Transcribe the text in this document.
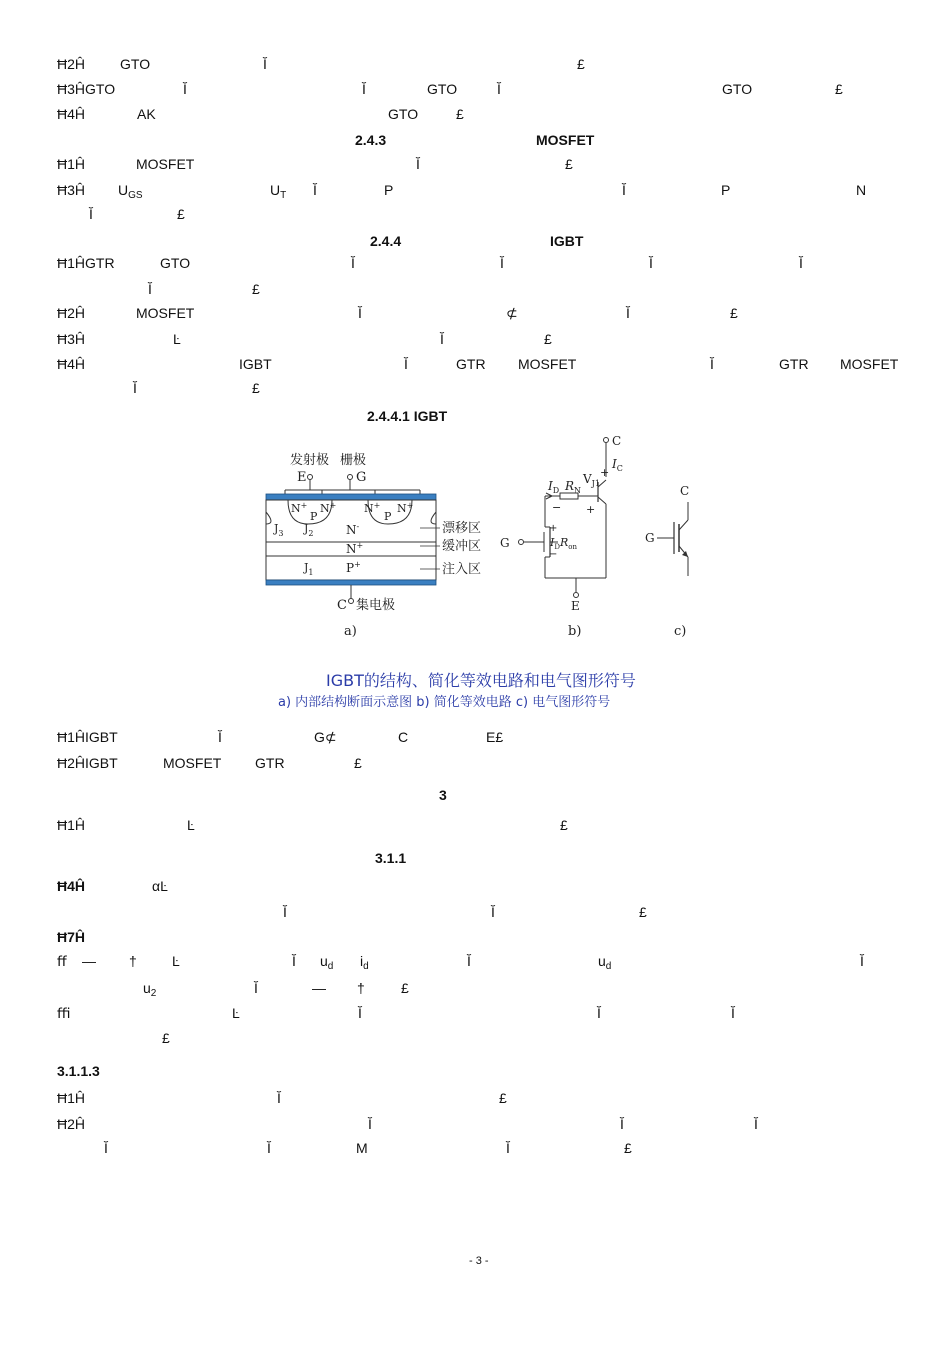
Ħ2Ĥ GTO	Ĭ	£
Ħ3ĤGTO	Ĭ	Ĭ	GTO	Ĭ	GTO	£
Ħ4Ĥ	AK	GTO	£
2.4.3	MOSFET
Ħ1Ĥ	MOSFET	Ĭ	£
Ħ3Ĥ $U_{GS}$	$U_T$ Ĭ	P	Ĭ	P	N
Ĭ	£
2.4.4	IGBT
Ħ1ĤGTR	GTO	Ĭ	Ĭ	Ĭ	Ĭ
Ĭ	£
Ħ2Ĥ	MOSFET	Ĭ	⊄	Ĭ	£
Ħ3Ĥ	Ŀ	Ĭ	£
Ħ4Ĥ	IGBT	Ĭ	GTR MOSFET	Ĭ	GTR MOSFET
Ĭ	£
2.4.4.1 IGBT
Ħ1ĤIGBT	Ĭ	G⊄	C	E£
Ħ2ĤIGBT	MOSFET GTR	£
3
Ħ1Ĥ	Ŀ	£
3.1.1
Ħ4Ĥ	αĿ
Ĭ	Ĭ	£
Ħ7Ĥ
ﬀ — †	Ŀ	Ĭ $u_d$ $i_d$	Ĭ	$u_d$	Ĭ
$u_2$	Ĭ	— †	£
ﬃ	Ŀ	Ĭ	Ĭ	Ĭ
£
3.1.1.3
Ħ1Ĥ	Ĭ	£
Ħ2Ĥ	Ĭ	Ĭ	Ĭ
Ĭ	Ĭ	M	Ĭ	£
- 3 -
发射极 栅极
E	G
N+
P
N+	N+
P
N+
$J_3$ $J_2$	N-
N+
$J_1$	P+
漂移区
缓冲区
注入区
C 集电极
a)
C
$I_C$
+
$I_D$ $R_N$
$V_{J1}$
− +
G
+
$I_DR_{on}$
−
E
b)
C
G
c)
IGBT的结构、简化等效电路和电气图形符号
a) 内部结构断面示意图 b) 简化等效电路 c) 电气图形符号
